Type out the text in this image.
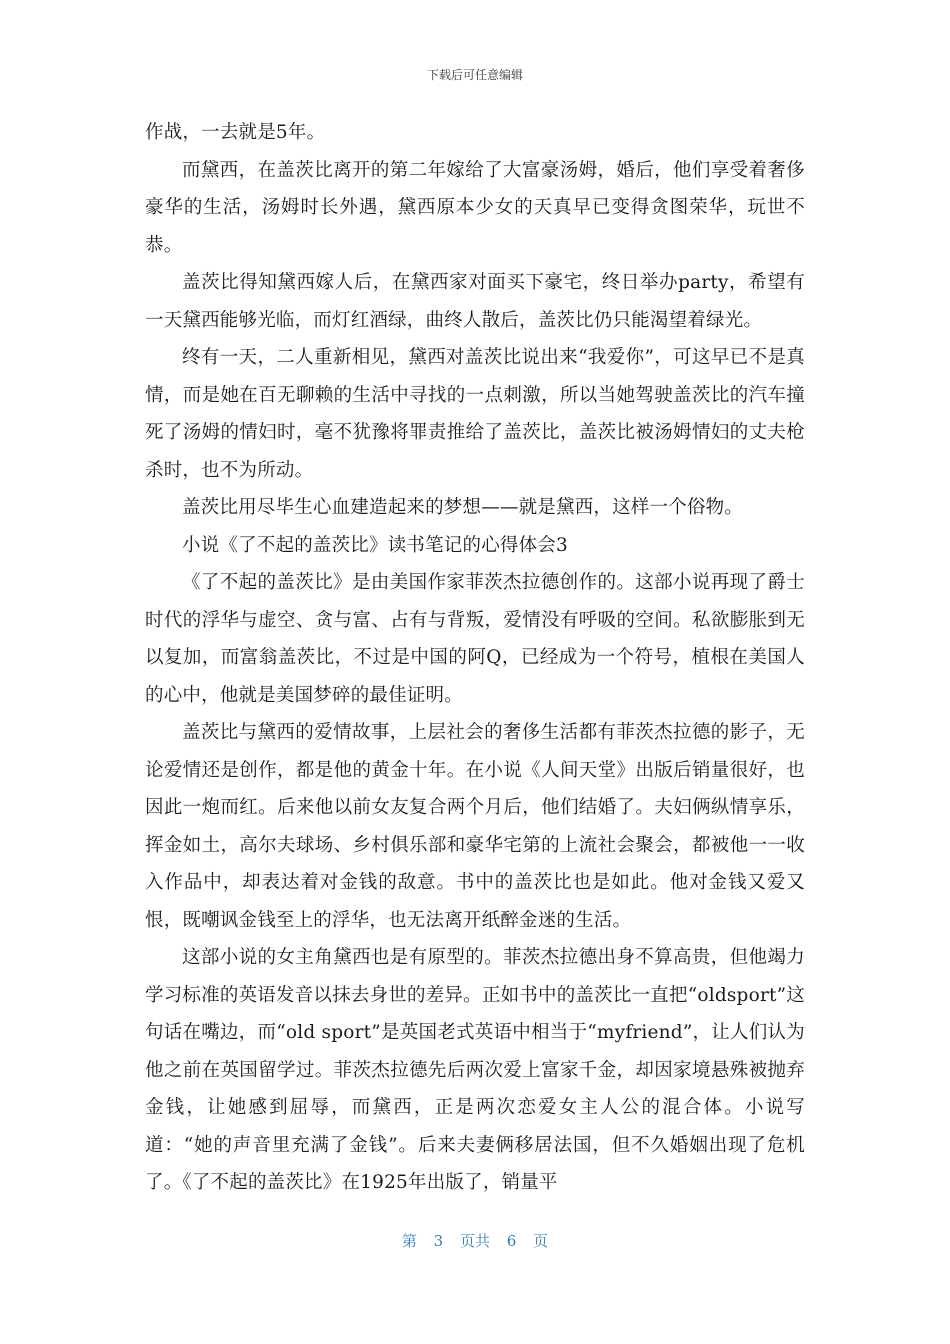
下载后可任意编辑

作战，一去就是5年。

而黛西，在盖茨比离开的第二年嫁给了大富豪汤姆，婚后，他们享受着奢侈豪华的生活，汤姆时长外遇，黛西原本少女的天真早已变得贪图荣华，玩世不恭。

盖茨比得知黛西嫁人后，在黛西家对面买下豪宅，终日举办party，希望有一天黛西能够光临，而灯红酒绿，曲终人散后，盖茨比仍只能渴望着绿光。

终有一天，二人重新相见，黛西对盖茨比说出来“我爱你”，可这早已不是真情，而是她在百无聊赖的生活中寻找的一点刺激，所以当她驾驶盖茨比的汽车撞死了汤姆的情妇时，毫不犹豫将罪责推给了盖茨比，盖茨比被汤姆情妇的丈夫枪杀时，也不为所动。

盖茨比用尽毕生心血建造起来的梦想——就是黛西，这样一个俗物。

小说《了不起的盖茨比》读书笔记的心得体会3

《了不起的盖茨比》是由美国作家菲茨杰拉德创作的。这部小说再现了爵士时代的浮华与虚空、贪与富、占有与背叛，爱情没有呼吸的空间。私欲膨胀到无以复加，而富翁盖茨比，不过是中国的阿Q，已经成为一个符号，植根在美国人的心中，他就是美国梦碎的最佳证明。

盖茨比与黛西的爱情故事，上层社会的奢侈生活都有菲茨杰拉德的影子，无论爱情还是创作，都是他的黄金十年。在小说《人间天堂》出版后销量很好，也因此一炮而红。后来他以前女友复合两个月后，他们结婚了。夫妇俩纵情享乐，挥金如土，高尔夫球场、乡村俱乐部和豪华宅第的上流社会聚会，都被他一一收入作品中，却表达着对金钱的敌意。书中的盖茨比也是如此。他对金钱又爱又恨，既嘲讽金钱至上的浮华，也无法离开纸醉金迷的生活。

这部小说的女主角黛西也是有原型的。菲茨杰拉德出身不算高贵，但他竭力学习标准的英语发音以抹去身世的差异。正如书中的盖茨比一直把“oldsport”这句话在嘴边，而“old sport”是英国老式英语中相当于“myfriend”，让人们认为他之前在英国留学过。菲茨杰拉德先后两次爱上富家千金，却因家境悬殊被抛弃金钱，让她感到屈辱，而黛西，正是两次恋爱女主人公的混合体。小说写道：“她的声音里充满了金钱”。后来夫妻俩移居法国，但不久婚姻出现了危机了。《了不起的盖茨比》在1925年出版了，销量平

第 3 页共 6 页
